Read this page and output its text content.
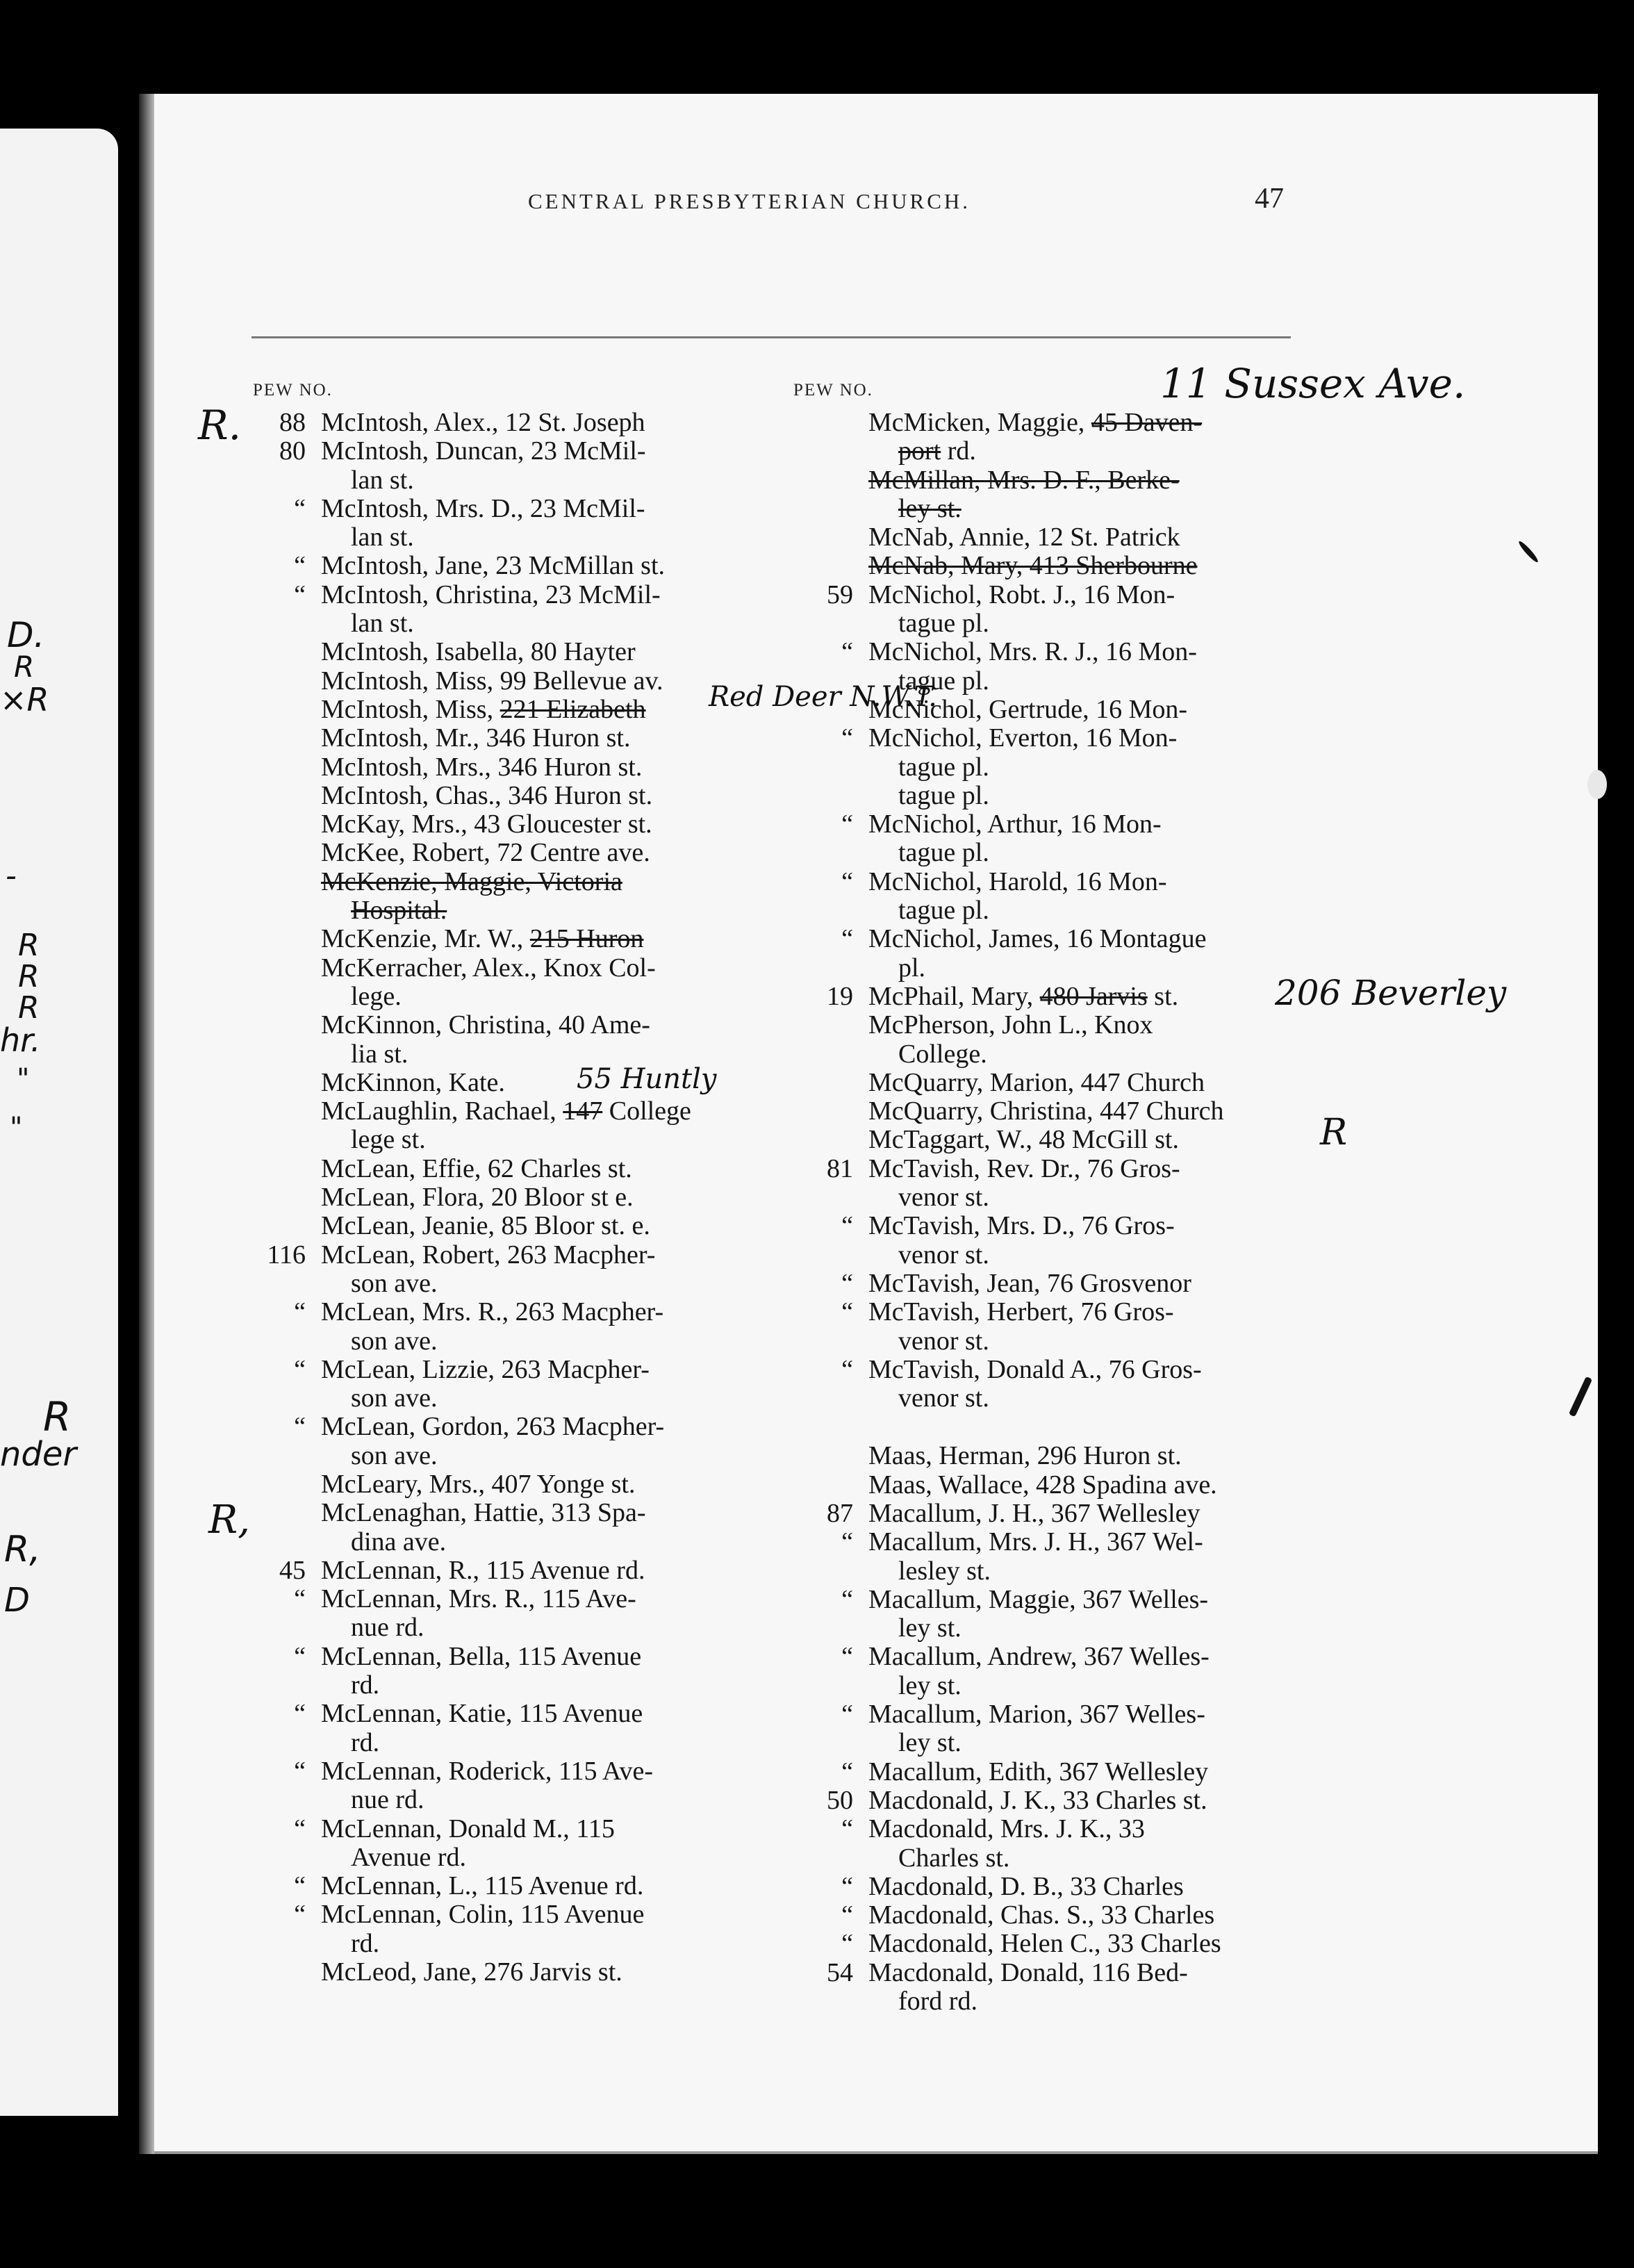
D.
R
×R
-
R
R
R
hr.
"
"
R
nder
R,
D
CENTRAL PRESBYTERIAN CHURCH.	47
PEW NO.	PEW NO.
88 McIntosh, Alex., 12 St. Joseph
80 McIntosh, Duncan, 23 McMil-
lan st.
“ McIntosh, Mrs. D., 23 McMil-
lan st.
“ McIntosh, Jane, 23 McMillan st.
“ McIntosh, Christina, 23 McMil-
lan st.
McIntosh, Isabella, 80 Hayter
McIntosh, Miss, 99 Bellevue av.
McIntosh, Miss, 221 Elizabeth
McIntosh, Mr., 346 Huron st.
McIntosh, Mrs., 346 Huron st.
McIntosh, Chas., 346 Huron st.
McKay, Mrs., 43 Gloucester st.
McKee, Robert, 72 Centre ave.
McKenzie, Maggie, Victoria
Hospital.
McKenzie, Mr. W., 215 Huron
McKerracher, Alex., Knox Col-
lege.
McKinnon, Christina, 40 Ame-
lia st.
McKinnon, Kate.
McLaughlin, Rachael, 147 College
lege st.
McLean, Effie, 62 Charles st.
McLean, Flora, 20 Bloor st e.
McLean, Jeanie, 85 Bloor st. e.
116 McLean, Robert, 263 Macpher-
son ave.
“ McLean, Mrs. R., 263 Macpher-
son ave.
“ McLean, Lizzie, 263 Macpher-
son ave.
“ McLean, Gordon, 263 Macpher-
son ave.
McLeary, Mrs., 407 Yonge st.
McLenaghan, Hattie, 313 Spa-
dina ave.
45 McLennan, R., 115 Avenue rd.
“ McLennan, Mrs. R., 115 Ave-
nue rd.
“ McLennan, Bella, 115 Avenue
rd.
“ McLennan, Katie, 115 Avenue
rd.
“ McLennan, Roderick, 115 Ave-
nue rd.
“ McLennan, Donald M., 115
Avenue rd.
“ McLennan, L., 115 Avenue rd.
“ McLennan, Colin, 115 Avenue
rd.
McLeod, Jane, 276 Jarvis st.
McMicken, Maggie, 45 Daven-
port rd.
McMillan, Mrs. D. F., Berke-
ley st.
McNab, Annie, 12 St. Patrick
McNab, Mary, 413 Sherbourne
59 McNichol, Robt. J., 16 Mon-
tague pl.
“ McNichol, Mrs. R. J., 16 Mon-
tague pl.
McNichol, Gertrude, 16 Mon-
“ McNichol, Everton, 16 Mon-
tague pl.
tague pl.
“ McNichol, Arthur, 16 Mon-
tague pl.
“ McNichol, Harold, 16 Mon-
tague pl.
“ McNichol, James, 16 Montague
pl.
19 McPhail, Mary, 480 Jarvis st.
McPherson, John L., Knox
College.
McQuarry, Marion, 447 Church
McQuarry, Christina, 447 Church
McTaggart, W., 48 McGill st.
81 McTavish, Rev. Dr., 76 Gros-
venor st.
“ McTavish, Mrs. D., 76 Gros-
venor st.
“ McTavish, Jean, 76 Grosvenor
“ McTavish, Herbert, 76 Gros-
venor st.
“ McTavish, Donald A., 76 Gros-
venor st.
Maas, Herman, 296 Huron st.
Maas, Wallace, 428 Spadina ave.
87 Macallum, J. H., 367 Wellesley
“ Macallum, Mrs. J. H., 367 Wel-
lesley st.
“ Macallum, Maggie, 367 Welles-
ley st.
“ Macallum, Andrew, 367 Welles-
ley st.
“ Macallum, Marion, 367 Welles-
ley st.
“ Macallum, Edith, 367 Wellesley
50 Macdonald, J. K., 33 Charles st.
“ Macdonald, Mrs. J. K., 33
Charles st.
“ Macdonald, D. B., 33 Charles
“ Macdonald, Chas. S., 33 Charles
“ Macdonald, Helen C., 33 Charles
54 Macdonald, Donald, 116 Bed-
ford rd.
11 Sussex Ave.
Red Deer N.W.T.
55 Huntly
206 Beverley
R
R.
R,
